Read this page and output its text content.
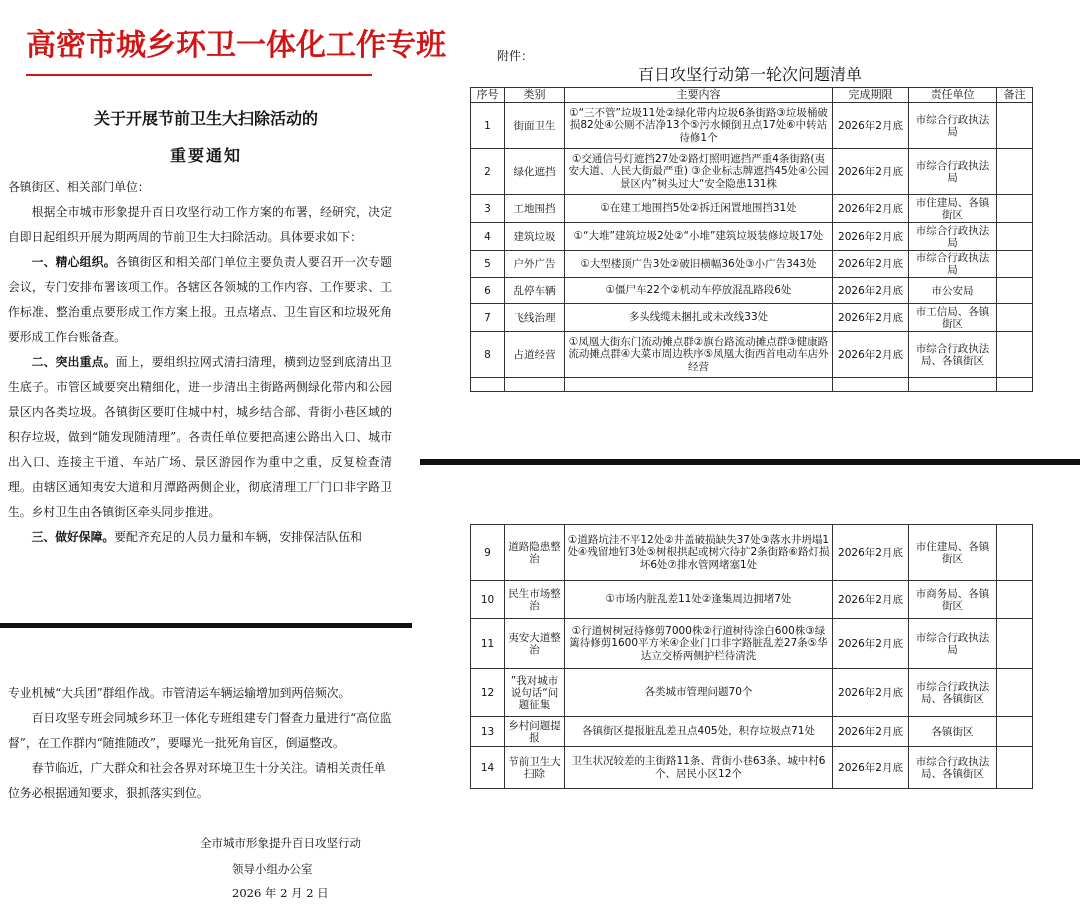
高密市城乡环卫一体化工作专班
关于开展节前卫生大扫除活动的
重要通知

各镇街区、相关部门单位：

根据全市城市形象提升百日攻坚行动工作方案的布署，经研究，决定自即日起组织开展为期两周的节前卫生大扫除活动。具体要求如下：

一、精心组织。各镇街区和相关部门单位主要负责人要召开一次专题会议，专门安排布署该项工作。各辖区各领城的工作内容、工作要求、工作标准、整治重点要形成工作方案上报。丑点堵点、卫生盲区和垃圾死角要形成工作台账备查。

二、突出重点。面上，要组织拉网式清扫清理，横到边竖到底清出卫生底子。市管区域要突出精细化，进一步清出主街路两侧绿化带内和公园景区内各类垃圾。各镇街区要盯住城中村，城乡结合部、背街小巷区域的积存垃圾，做到“随发现随清理”。各责任单位要把高速公路出入口、城市出入口、连接主干道、车站广场、景区游园作为重中之重，反复检查清理。由辖区通知夷安大道和月潭路两侧企业，彻底清理工厂门口非字路卫生。乡村卫生由各镇街区牵头同步推进。

三、做好保障。要配齐充足的人员力量和车辆，安排保洁队伍和

专业机械“大兵团”群组作战。市管清运车辆运输增加到两倍频次。

百日攻坚专班会同城乡环卫一体化专班组建专门督查力量进行“高位监督”，在工作群内“随推随改”，要曝光一批死角盲区，倒逼整改。

春节临近，广大群众和社会各界对环境卫生十分关注。请相关责任单位务必根据通知要求，狠抓落实到位。

全市城市形象提升百日攻坚行动
领导小组办公室
2026 年 2 月 2 日
附件：
百日攻坚行动第一轮次问题清单
序号	类别	主要内容	完成期限	责任单位	备注
1	街面卫生	①“三不管”垃圾11处②绿化带内垃圾6条街路③垃圾桶破损82处④公厕不洁净13个⑤污水倾倒丑点17处⑥中转站待修1个	2026年2月底	市综合行政执法局	
2	绿化遮挡	①交通信号灯遮挡27处②路灯照明遮挡严重4条街路(夷安大道、人民大街最严重) ③企业标志牌遮挡45处④公园景区内”树头过大“安全隐患131株	2026年2月底	市综合行政执法局	
3	工地围挡	①在建工地围挡5处②拆迁闲置地围挡31处	2026年2月底	市住建局、各镇街区	
4	建筑垃圾	①“大堆”建筑垃圾2处②“小堆”建筑垃圾装修垃圾17处	2026年2月底	市综合行政执法局	
5	户外广告	①大型楼顶广告3处②破旧横幅36处③小广告343处	2026年2月底	市综合行政执法局	
6	乱停车辆	①僵尸车22个②机动车停放混乱路段6处	2026年2月底	市公安局	
7	飞线治理	多头线缆未捆扎或未改线33处	2026年2月底	市工信局、各镇街区	
8	占道经营	①凤凰大街东门流动摊点群②旗台路流动摊点群③健康路流动摊点群④大菜市周边秩序⑤凤凰大街西首电动车店外经营	2026年2月底	市综合行政执法局、各镇街区	

9	道路隐患整治	①道路坑洼不平12处②井盖破损缺失37处③落水井坍塌1处④残留地钉3处⑤树根拱起或树穴待扩2条街路⑥路灯损坏6处⑦排水管网堵塞1处	2026年2月底	市住建局、各镇街区	
10	民生市场整治	①市场内脏乱差11处②逢集周边拥堵7处	2026年2月底	市商务局、各镇街区	
11	夷安大道整治	①行道树树冠待修剪7000株②行道树待涂白600株③绿篱待修剪1600平方米④企业门口非字路脏乱差27条⑤华达立交桥两侧护栏待清洗	2026年2月底	市综合行政执法局	
12	”我对城市说句话“问题征集	各类城市管理问题70个	2026年2月底	市综合行政执法局、各镇街区	
13	乡村问题提报	各镇街区提报脏乱差丑点405处，积存垃圾点71处	2026年2月底	各镇街区	
14	节前卫生大扫除	卫生状况较差的主街路11条、背街小巷63条、城中村6个、居民小区12个	2026年2月底	市综合行政执法局、各镇街区	
